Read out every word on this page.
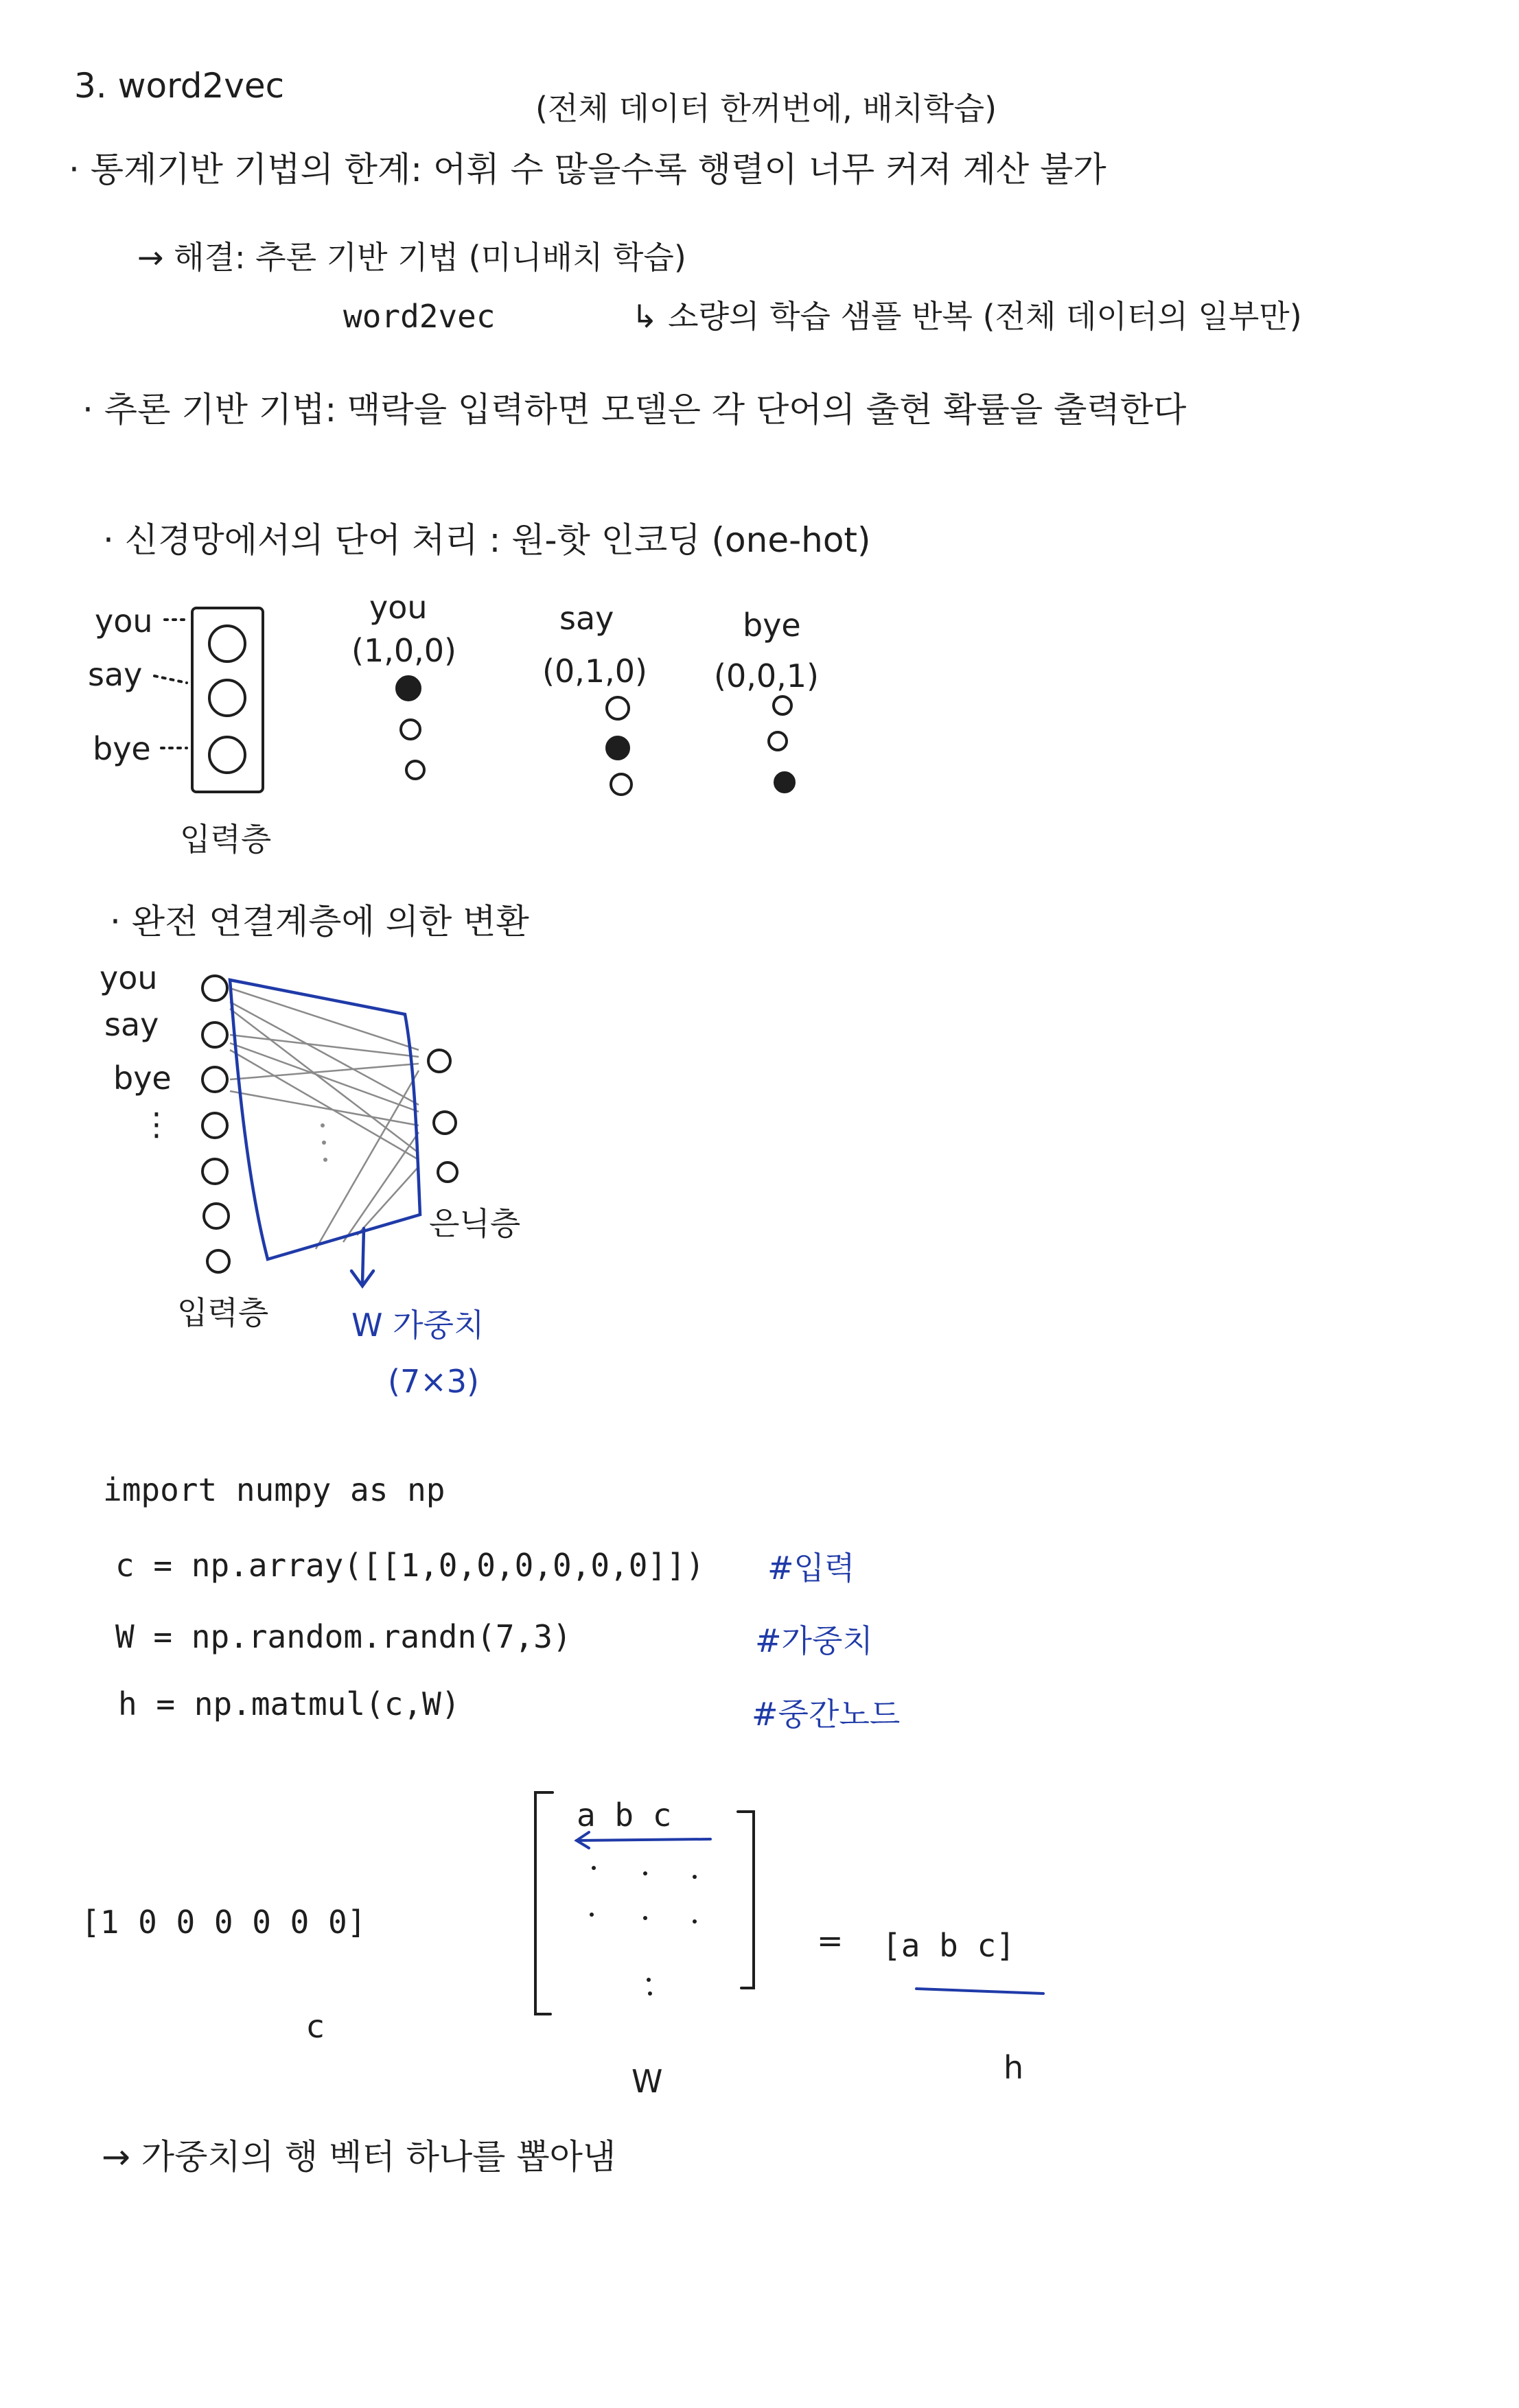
3. word2vec
(전체 데이터 한꺼번에, 배치학습)
· 통계기반 기법의 한계: 어휘 수 많을수록 행렬이 너무 커져 계산 불가
→ 해결: 추론 기반 기법 (미니배치 학습)
word2vec	↳ 소량의 학습 샘플 반복 (전체 데이터의 일부만)
· 추론 기반 기법: 맥락을 입력하면 모델은 각 단어의 출현 확률을 출력한다
· 신경망에서의 단어 처리 : 원-핫 인코딩 (one-hot)
you
say
bye
입력층
you
(1,0,0)
say
(0,1,0)
bye
(0,0,1)
· 완전 연결계층에 의한 변환
you
say
bye
⋮
은닉층
입력층	W 가중치
(7×3)
import numpy as np
c = np.array([[1,0,0,0,0,0,0]]) #입력
W = np.random.randn(7,3)	#가중치
h = np.matmul(c,W)	#중간노드
[1 0 0 0 0 0 0]
c
a b c
W
= [a b c]
h
→ 가중치의 행 벡터 하나를 뽑아냄
